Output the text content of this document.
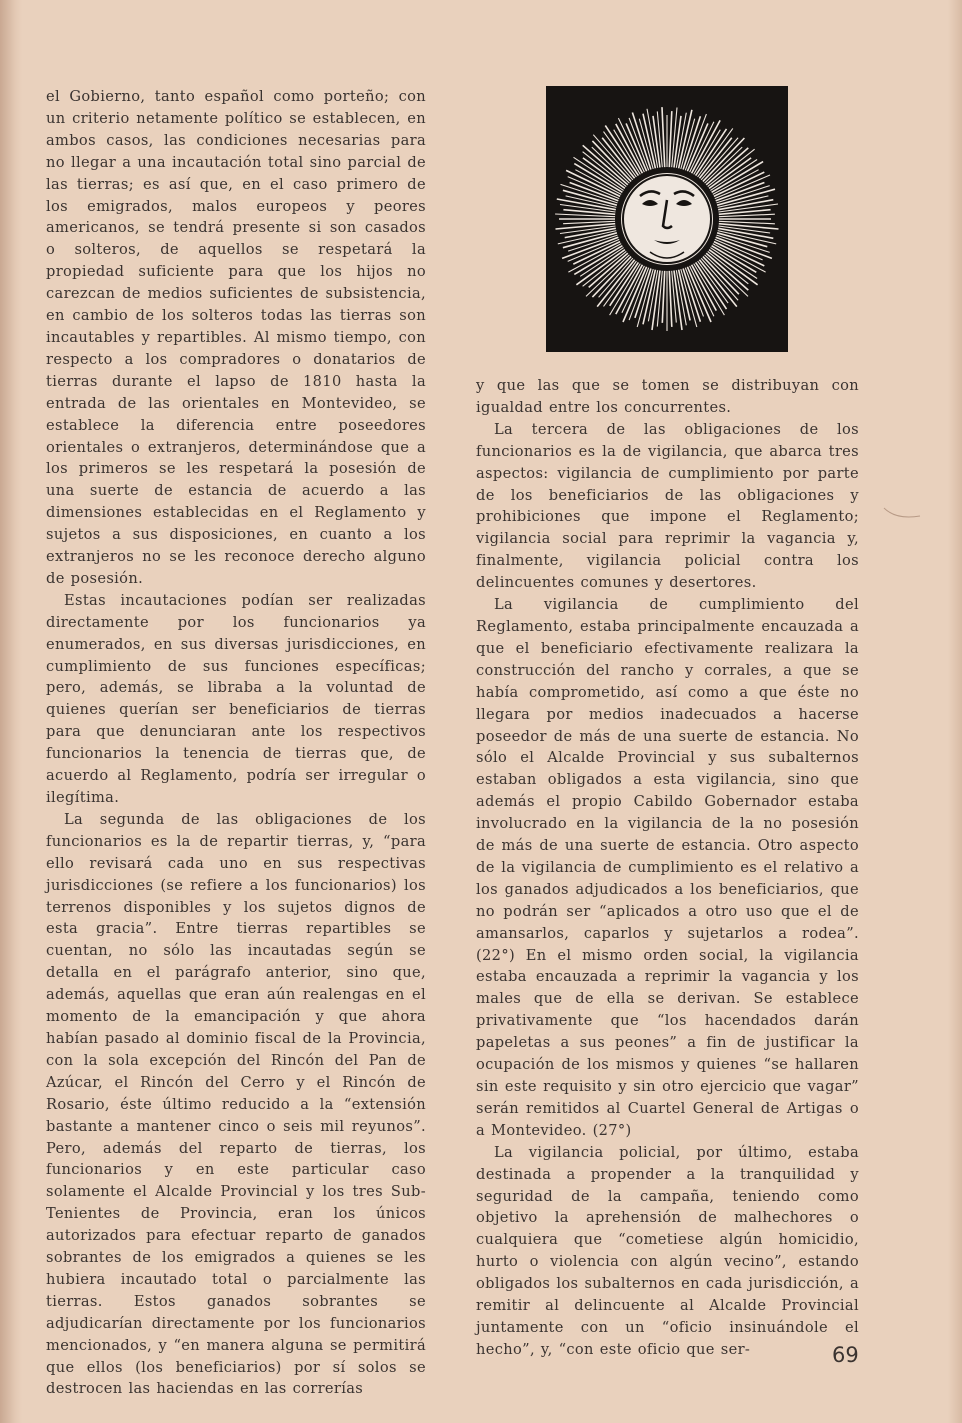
el Gobierno, tanto español como porteño; con un criterio netamente político se establecen, en ambos casos, las condiciones necesarias para no llegar a una incautación total sino parcial de las tierras; es así que, en el caso primero de los emigrados, malos europeos y peores americanos, se tendrá presente si son casados o solteros, de aquellos se respetará la propiedad suficiente para que los hijos no carezcan de medios suficientes de subsistencia, en cambio de los solteros todas las tierras son incautables y repartibles. Al mismo tiempo, con respecto a los compradores o donatarios de tierras durante el lapso de 1810 hasta la entrada de las orientales en Montevideo, se establece la diferencia entre poseedores orientales o extranjeros, determinándose que a los primeros se les respetará la posesión de una suerte de estancia de acuerdo a las dimensiones establecidas en el Reglamento y sujetos a sus disposiciones, en cuanto a los extranjeros no se les reconoce derecho alguno de posesión.

Estas incautaciones podían ser realizadas directamente por los funcionarios ya enumerados, en sus diversas jurisdicciones, en cumplimiento de sus funciones específicas; pero, además, se libraba a la voluntad de quienes querían ser beneficiarios de tierras para que denunciaran ante los respectivos funcionarios la tenencia de tierras que, de acuerdo al Reglamento, podría ser irregular o ilegítima.

La segunda de las obligaciones de los funcionarios es la de repartir tierras, y, “para ello revisará cada uno en sus respectivas jurisdicciones (se refiere a los funcionarios) los terrenos disponibles y los sujetos dignos de esta gracia”. Entre tierras repartibles se cuentan, no sólo las incautadas según se detalla en el parágrafo anterior, sino que, además, aquellas que eran aún realengas en el momento de la emancipación y que ahora habían pasado al dominio fiscal de la Provincia, con la sola excepción del Rincón del Pan de Azúcar, el Rincón del Cerro y el Rincón de Rosario, éste último reducido a la “extensión bastante a mantener cinco o seis mil reyunos”. Pero, además del reparto de tierras, los funcionarios y en este particular caso solamente el Alcalde Provincial y los tres Sub-Tenientes de Provincia, eran los únicos autorizados para efectuar reparto de ganados sobrantes de los emigrados a quienes se les hubiera incautado total o parcialmente las tierras. Estos ganados sobrantes se adjudicarían directamente por los funcionarios mencionados, y “en manera alguna se permitirá que ellos (los beneficiarios) por sí solos se destrocen las haciendas en las correrías

y que las que se tomen se distribuyan con igualdad entre los concurrentes.

La tercera de las obligaciones de los funcionarios es la de vigilancia, que abarca tres aspectos: vigilancia de cumplimiento por parte de los beneficiarios de las obligaciones y prohibiciones que impone el Reglamento; vigilancia social para reprimir la vagancia y, finalmente, vigilancia policial contra los delincuentes comunes y desertores.

La vigilancia de cumplimiento del Reglamento, estaba principalmente encauzada a que el beneficiario efectivamente realizara la construcción del rancho y corrales, a que se había comprometido, así como a que éste no llegara por medios inadecuados a hacerse poseedor de más de una suerte de estancia. No sólo el Alcalde Provincial y sus subalternos estaban obligados a esta vigilancia, sino que además el propio Cabildo Gobernador estaba involucrado en la vigilancia de la no posesión de más de una suerte de estancia. Otro aspecto de la vigilancia de cumplimiento es el relativo a los ganados adjudicados a los beneficiarios, que no podrán ser “aplicados a otro uso que el de amansarlos, caparlos y sujetarlos a rodea”. (22°) En el mismo orden social, la vigilancia estaba encauzada a reprimir la vagancia y los males que de ella se derivan. Se establece privativamente que “los hacendados darán papeletas a sus peones” a fin de justificar la ocupación de los mismos y quienes “se hallaren sin este requisito y sin otro ejercicio que vagar” serán remitidos al Cuartel General de Artigas o a Montevideo. (27°)

La vigilancia policial, por último, estaba destinada a propender a la tranquilidad y seguridad de la campaña, teniendo como objetivo la aprehensión de malhechores o cualquiera que “cometiese algún homicidio, hurto o violencia con algún vecino”, estando obligados los subalternos en cada jurisdicción, a remitir al delincuente al Alcalde Provincial juntamente con un “oficio insinuándole el hecho”, y, “con este oficio que ser-	69
